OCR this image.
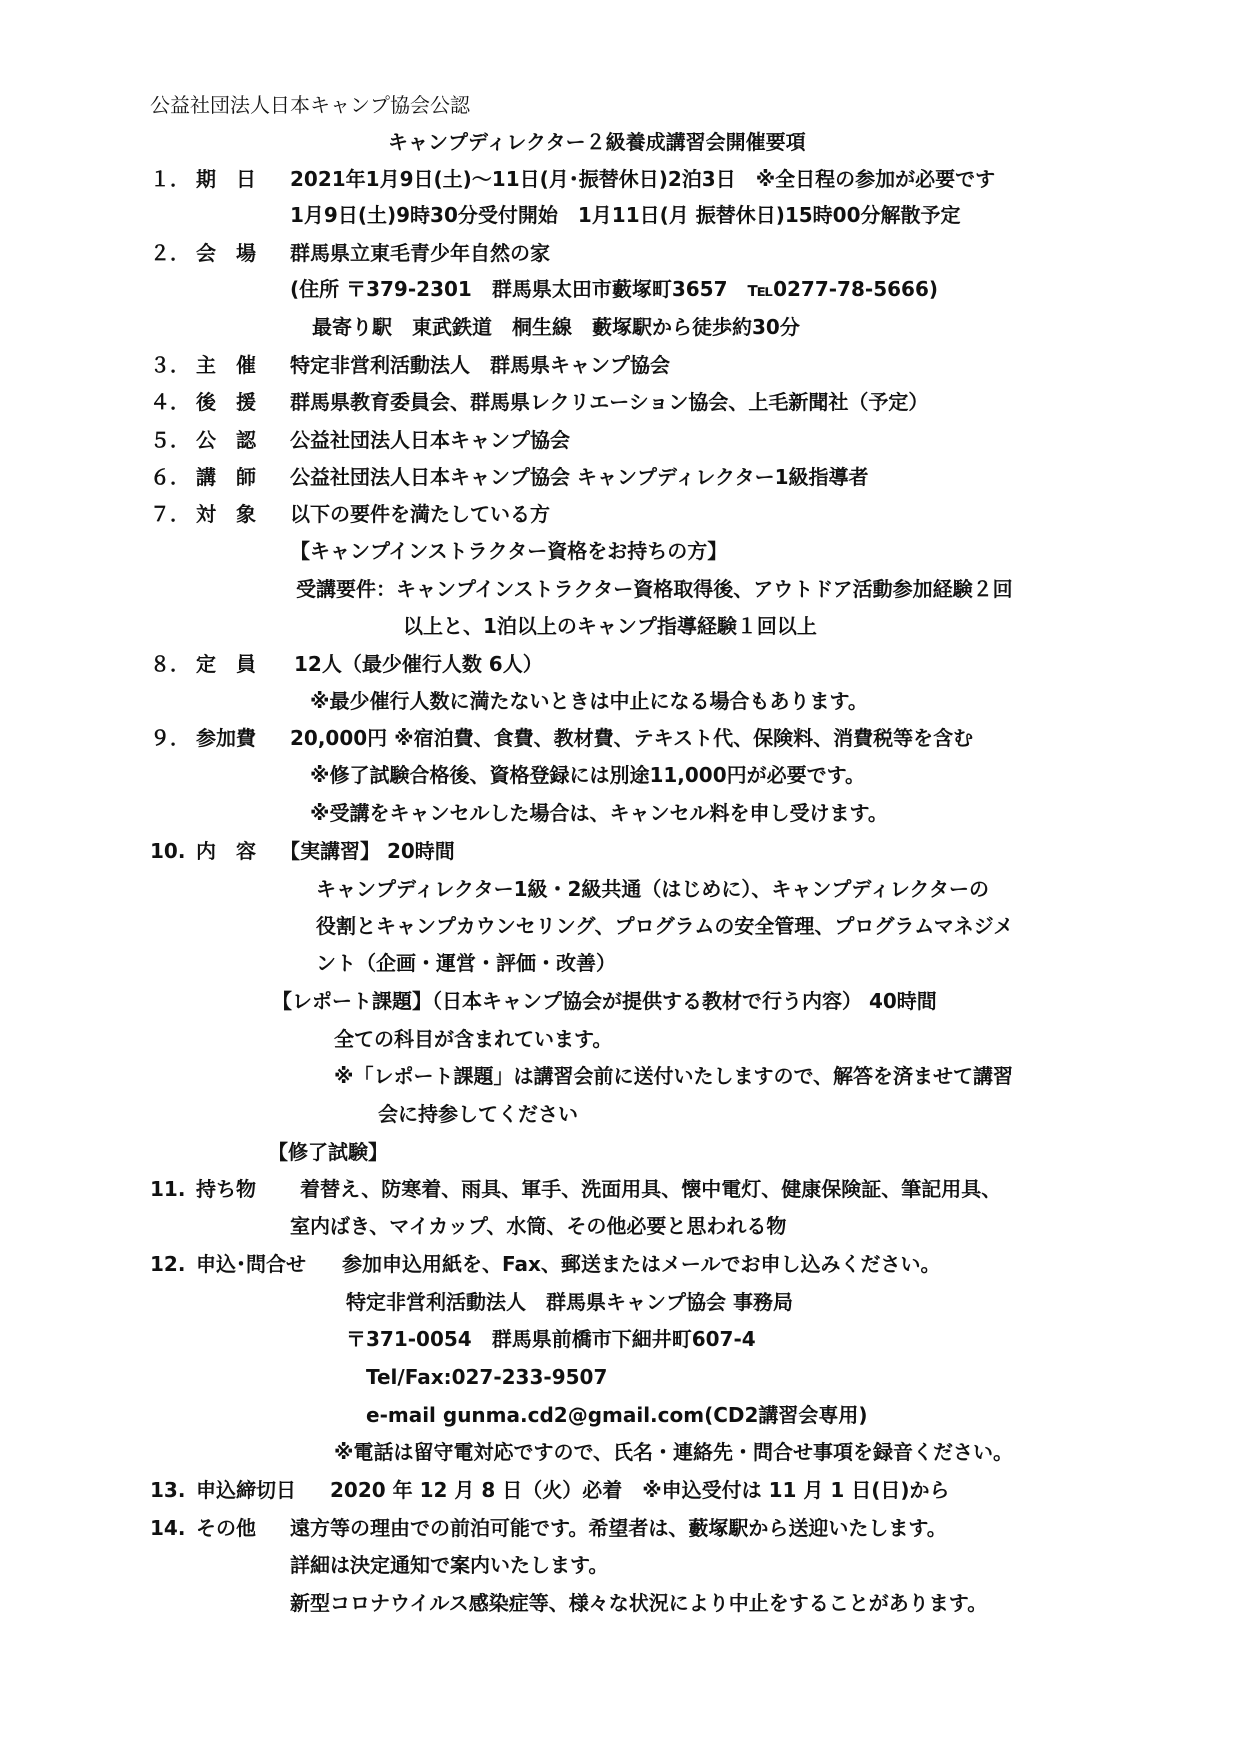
公益社団法人日本キャンプ協会公認
キャンプディレクター２級養成講習会開催要項
１． 期　日 2021年1月9日(土)～11日(月･振替休日)2泊3日　※全日程の参加が必要です
1月9日(土)9時30分受付開始　1月11日(月 振替休日)15時00分解散予定
２． 会　場 群馬県立東毛青少年自然の家
(住所 〒379-2301　群馬県太田市藪塚町3657　℡0277-78-5666)
最寄り駅　東武鉄道　桐生線　藪塚駅から徒歩約30分
３． 主　催 特定非営利活動法人　群馬県キャンプ協会
４． 後　援 群馬県教育委員会、群馬県レクリエーション協会、上毛新聞社（予定）
５． 公　認 公益社団法人日本キャンプ協会
６． 講　師 公益社団法人日本キャンプ協会 キャンプディレクター1級指導者
７． 対　象 以下の要件を満たしている方
【キャンプインストラクター資格をお持ちの方】
受講要件：キャンプインストラクター資格取得後、アウトドア活動参加経験２回
以上と、1泊以上のキャンプ指導経験１回以上
８． 定　員 12人（最少催行人数 6人）
※最少催行人数に満たないときは中止になる場合もあります。
９． 参加費 20,000円 ※宿泊費、食費、教材費、テキスト代、保険料、消費税等を含む
※修了試験合格後、資格登録には別途11,000円が必要です。
※受講をキャンセルした場合は、キャンセル料を申し受けます。
10. 内　容 【実講習】 20時間
キャンプディレクター1級・2級共通（はじめに）、キャンプディレクターの
役割とキャンプカウンセリング、プログラムの安全管理、プログラムマネジメ
ント（企画・運営・評価・改善）
【レポート課題】（日本キャンプ協会が提供する教材で行う内容） 40時間
全ての科目が含まれています。
※「レポート課題」は講習会前に送付いたしますので、解答を済ませて講習
会に持参してください
【修了試験】
11. 持ち物 着替え、防寒着、雨具、軍手、洗面用具、懐中電灯、健康保険証、筆記用具、
室内ばき、マイカップ、水筒、その他必要と思われる物
12. 申込･問合せ 参加申込用紙を、Fax、郵送またはメールでお申し込みください。
特定非営利活動法人　群馬県キャンプ協会 事務局
〒371-0054　群馬県前橋市下細井町607-4
Tel/Fax:027-233-9507
e-mail gunma.cd2@gmail.com(CD2講習会専用)
※電話は留守電対応ですので、氏名・連絡先・問合せ事項を録音ください。
13. 申込締切日 2020 年 12 月 8 日（火）必着　※申込受付は 11 月 1 日(日)から
14. その他 遠方等の理由での前泊可能です。希望者は、藪塚駅から送迎いたします。
詳細は決定通知で案内いたします。
新型コロナウイルス感染症等、様々な状況により中止をすることがあります。
